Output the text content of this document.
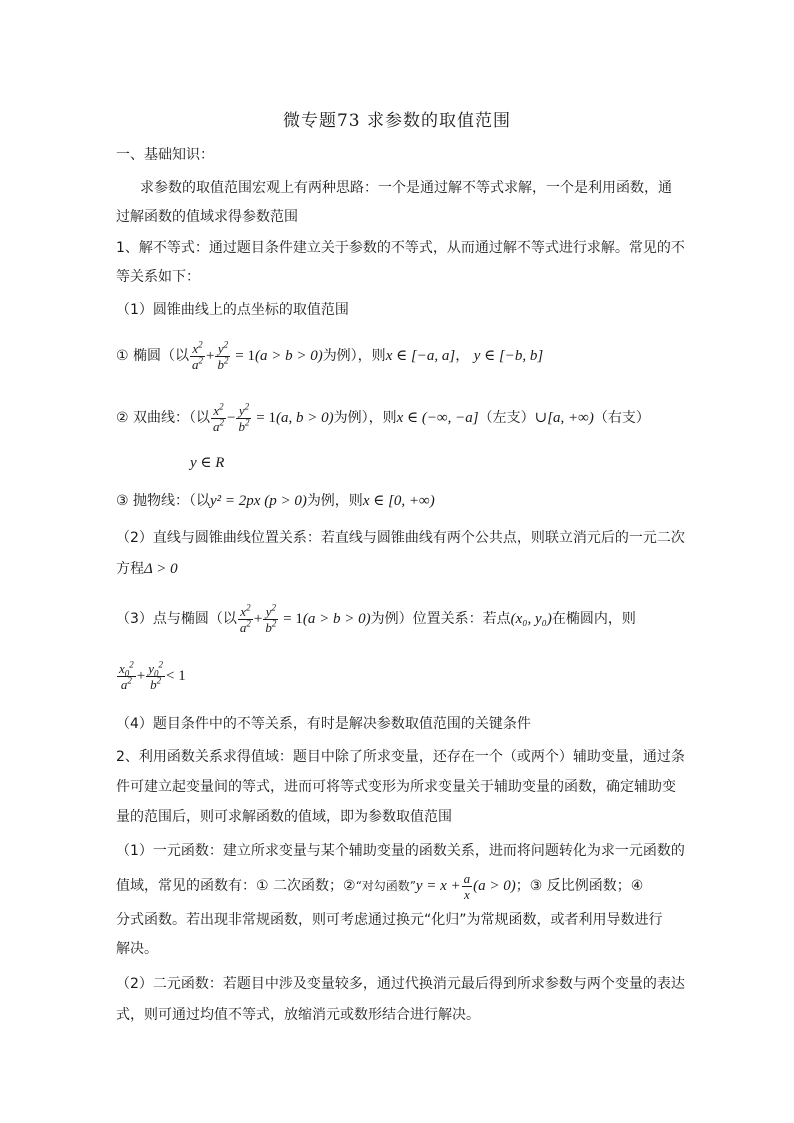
微专题73 求参数的取值范围
一、基础知识：
求参数的取值范围宏观上有两种思路：一个是通过解不等式求解，一个是利用函数，通
过解函数的值域求得参数范围
1、解不等式：通过题目条件建立关于参数的不等式，从而通过解不等式进行求解。常见的不
等关系如下：
（1）圆锥曲线上的点坐标的取值范围
① 椭圆（以 $\frac{x^2}{a^2} + \frac{y^2}{b^2} = 1(a > b > 0)$为例），则x ∈ [−a, a]， y ∈ [−b, b]
② 双曲线：（以 $\frac{x^2}{a^2} - \frac{y^2}{b^2} = 1(a$, b > 0)为例），则x ∈ (−∞, −a]（左支）∪[a, +∞)（右支）
y ∈ R
③ 抛物线：（以y² = 2px (p > 0)为例，则x ∈ [0, +∞)
（2）直线与圆锥曲线位置关系：若直线与圆锥曲线有两个公共点，则联立消元后的一元二次
方程Δ > 0
（3）点与椭圆（以 $\frac{x^2}{a^2} + \frac{y^2}{b^2} = 1(a > b > 0)$为例）位置关系：若点(x₀, y₀)在椭圆内，则
$\frac{x_0^2}{a^2} + \frac{y_0^2}{b^2} < 1$
（4）题目条件中的不等关系，有时是解决参数取值范围的关键条件
2、利用函数关系求得值域：题目中除了所求变量，还存在一个（或两个）辅助变量，通过条
件可建立起变量间的等式，进而可将等式变形为所求变量关于辅助变量的函数，确定辅助变
量的范围后，则可求解函数的值域，即为参数取值范围
（1）一元函数：建立所求变量与某个辅助变量的函数关系，进而将问题转化为求一元函数的
值域，常见的函数有：① 二次函数；②“对勾函数”y = $x + \frac{a}{x} (a > 0)$；③ 反比例函数；④
分式函数。若出现非常规函数，则可考虑通过换元“化归”为常规函数，或者利用导数进行
解决。
（2）二元函数：若题目中涉及变量较多，通过代换消元最后得到所求参数与两个变量的表达
式，则可通过均值不等式，放缩消元或数形结合进行解决。
